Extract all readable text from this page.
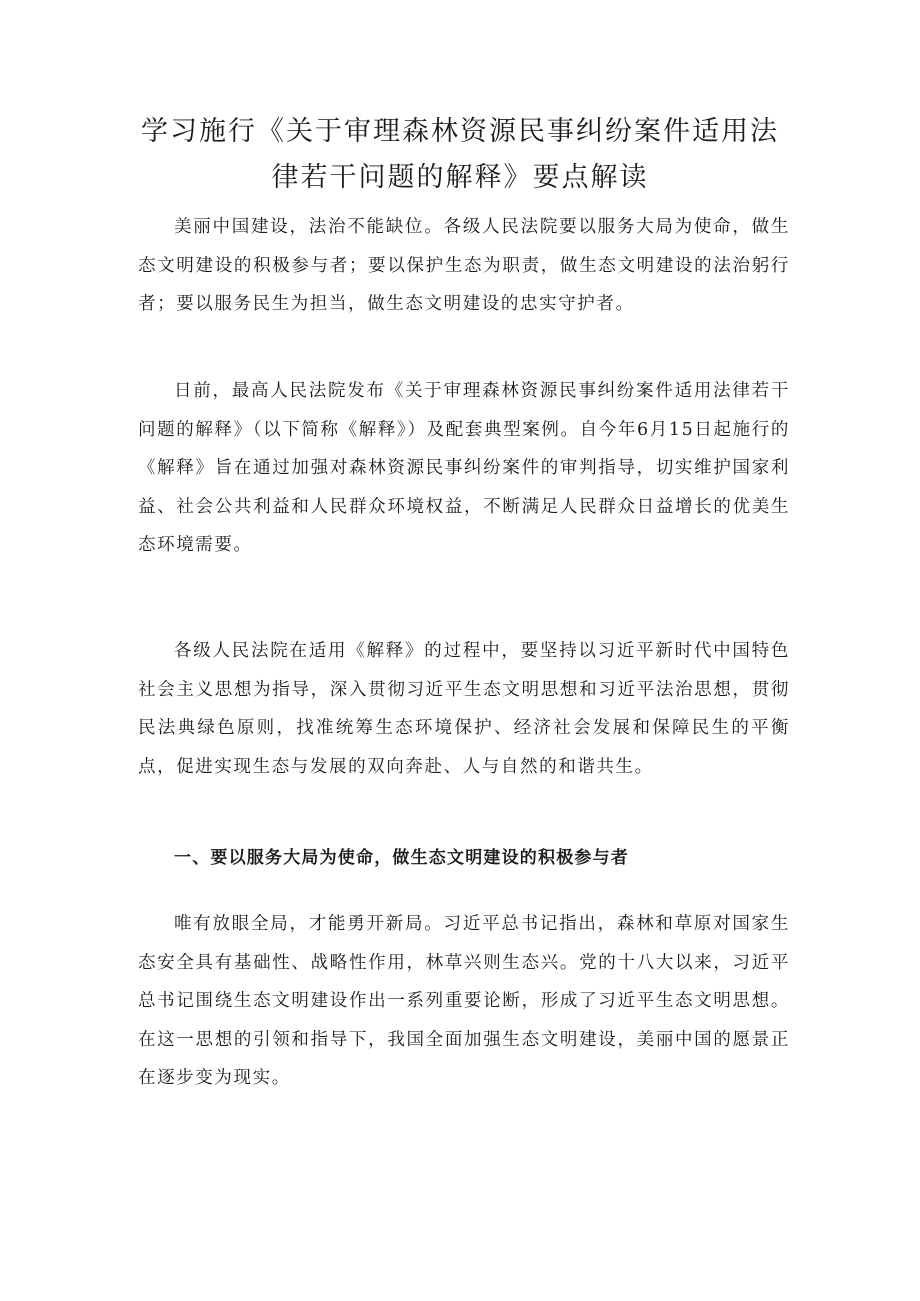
学习施行《关于审理森林资源民事纠纷案件适用法
律若干问题的解释》要点解读

美丽中国建设，法治不能缺位。各级人民法院要以服务大局为使命，做生态文明建设的积极参与者；要以保护生态为职责，做生态文明建设的法治躬行者；要以服务民生为担当，做生态文明建设的忠实守护者。

日前，最高人民法院发布《关于审理森林资源民事纠纷案件适用法律若干问题的解释》（以下简称《解释》）及配套典型案例。自今年6月15日起施行的《解释》旨在通过加强对森林资源民事纠纷案件的审判指导，切实维护国家利益、社会公共利益和人民群众环境权益，不断满足人民群众日益增长的优美生态环境需要。

各级人民法院在适用《解释》的过程中，要坚持以习近平新时代中国特色社会主义思想为指导，深入贯彻习近平生态文明思想和习近平法治思想，贯彻民法典绿色原则，找准统筹生态环境保护、经济社会发展和保障民生的平衡点，促进实现生态与发展的双向奔赴、人与自然的和谐共生。

一、要以服务大局为使命，做生态文明建设的积极参与者

唯有放眼全局，才能勇开新局。习近平总书记指出，森林和草原对国家生态安全具有基础性、战略性作用，林草兴则生态兴。党的十八大以来，习近平总书记围绕生态文明建设作出一系列重要论断，形成了习近平生态文明思想。在这一思想的引领和指导下，我国全面加强生态文明建设，美丽中国的愿景正在逐步变为现实。
